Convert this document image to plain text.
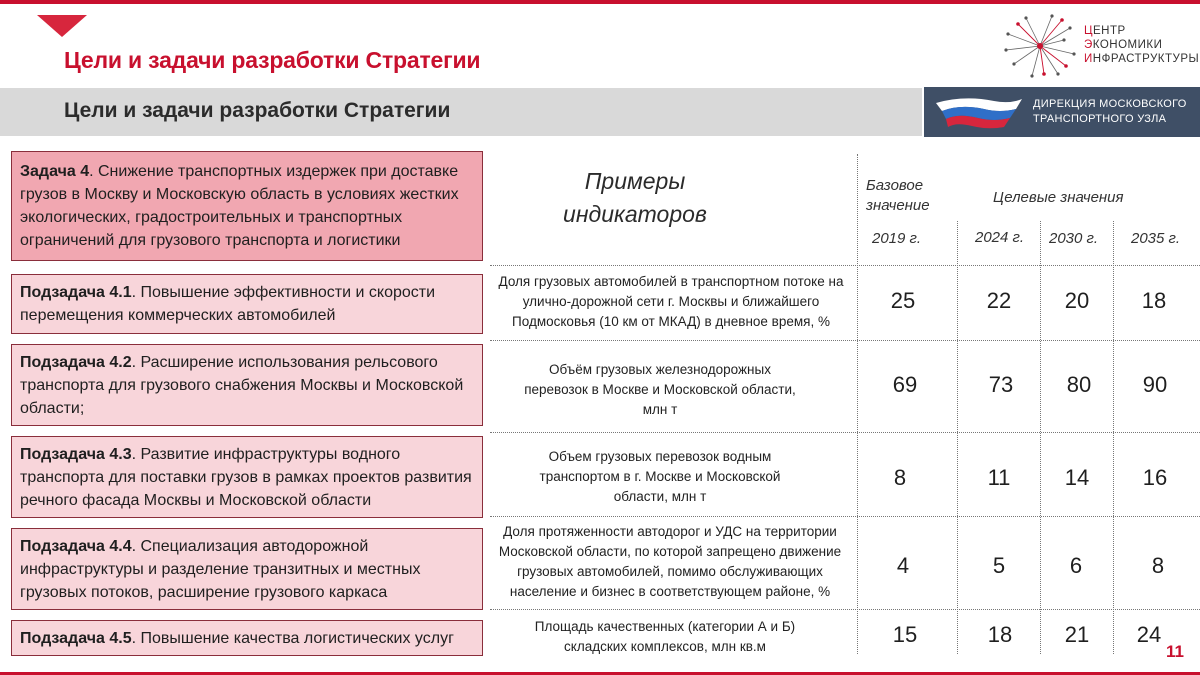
Цели и задачи разработки Стратегии
ЦЕНТР
ЭКОНОМИКИ
ИНФРАСТРУКТУРЫ
Цели и задачи разработки Стратегии	ДИРЕКЦИЯ МОСКОВСКОГО
ТРАНСПОРТНОГО УЗЛА
Задача 4. Снижение транспортных издержек при доставке грузов в Москву и Московскую область в условиях жестких экологических, градостроительных и транспортных ограничений для грузового транспорта и логистики
Подзадача 4.1. Повышение эффективности и скорости перемещения коммерческих автомобилей
Подзадача 4.2. Расширение использования рельсового транспорта для грузового снабжения Москвы и Московской области;
Подзадача 4.3. Развитие инфраструктуры водного транспорта для поставки грузов в рамках проектов развития речного фасада Москвы и Московской области
Подзадача 4.4. Специализация автодорожной инфраструктуры и разделение транзитных и местных грузовых потоков, расширение грузового каркаса
Подзадача 4.5. Повышение качества логистических услуг
Примеры индикаторов
Базовое значение	Целевые значения
2019 г.	2024 г. 2030 г. 2035 г.
Доля грузовых автомобилей в транспортном потоке на улично-дорожной сети г. Москвы и ближайшего Подмосковья (10 км от МКАД) в дневное время, %
25	22	20	18
Объём грузовых железнодорожных перевозок в Москве и Московской области, млн т
69	73	80	90
Объем грузовых перевозок водным транспортом в г. Москве и Московской области, млн т
8	11	14	16
Доля протяженности автодорог и УДС на территории Московской области, по которой запрещено движение грузовых автомобилей, помимо обслуживающих население и бизнес в соответствующем районе, %
4	5	6	8
Площадь качественных (категории А и Б) складских комплексов, млн кв.м	15	18	21	24
11
